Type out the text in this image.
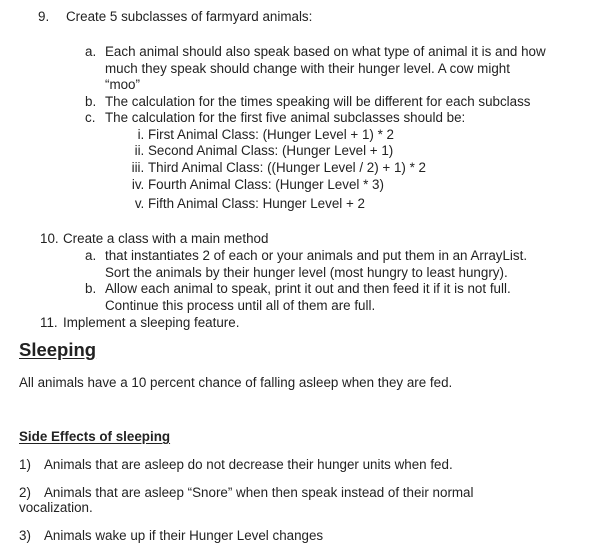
9. Create 5 subclasses of farmyard animals:
a. Each animal should also speak based on what type of animal it is and how
much they speak should change with their hunger level. A cow might
“moo”
b. The calculation for the times speaking will be different for each subclass
c. The calculation for the first five animal subclasses should be:
i. First Animal Class: (Hunger Level + 1) * 2
ii. Second Animal Class: (Hunger Level + 1)
iii. Third Animal Class: ((Hunger Level / 2) + 1) * 2
iv. Fourth Animal Class: (Hunger Level * 3)
v. Fifth Animal Class: Hunger Level + 2
10. Create a class with a main method
a. that instantiates 2 of each or your animals and put them in an ArrayList.
Sort the animals by their hunger level (most hungry to least hungry).
b. Allow each animal to speak, print it out and then feed it if it is not full.
Continue this process until all of them are full.
11. Implement a sleeping feature.
Sleeping
All animals have a 10 percent chance of falling asleep when they are fed.
Side Effects of sleeping
1) Animals that are asleep do not decrease their hunger units when fed.
2) Animals that are asleep “Snore” when then speak instead of their normal
vocalization.
3) Animals wake up if their Hunger Level changes
